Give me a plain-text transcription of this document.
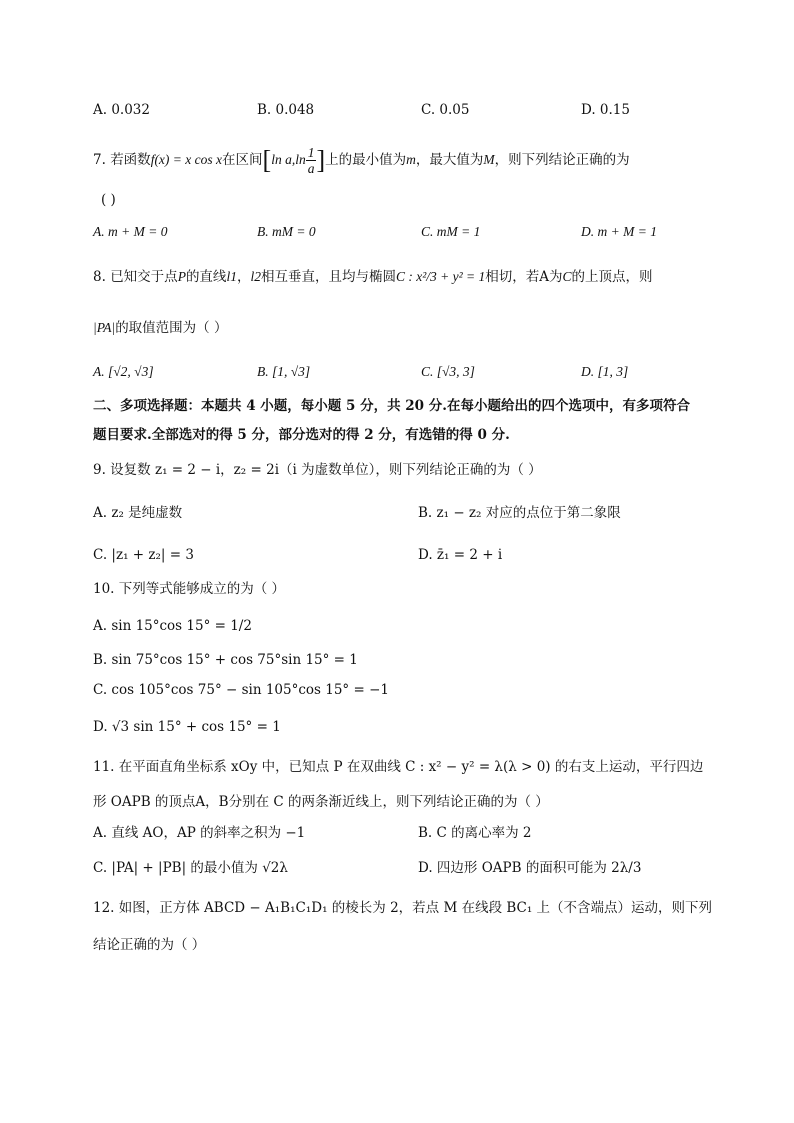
A. 0.032	B. 0.048	C. 0.05	D. 0.15
7. 若函数f(x) = x cos x在区间[ln $a,\ln \frac{1}{a}$ ]上的最小值为m，最大值为M，则下列结论正确的为
( )
A. m + M = 0	B. mM = 0	C. mM = 1	D. m + M = 1
8. 已知交于点P的直线l1，l2相互垂直，且均与椭圆C : x²/3 + y² = 1相切，若A为C的上顶点，则
|PA|的取值范围为（ ）
A. [√2, √3]	B. [1, √3]	C. [√3, 3]	D. [1, 3]
二、多项选择题：本题共 4 小题，每小题 5 分，共 20 分.在每小题给出的四个选项中，有多项符合
题目要求.全部选对的得 5 分，部分选对的得 2 分，有选错的得 0 分.
9. 设复数 z₁ = 2 − i，z₂ = 2i（i 为虚数单位），则下列结论正确的为（ ）
A. z₂ 是纯虚数	B. z₁ − z₂ 对应的点位于第二象限
C. |z₁ + z₂| = 3	D. z̄₁ = 2 + i
10. 下列等式能够成立的为（ ）
A. sin 15°cos 15° = 1/2
B. sin 75°cos 15° + cos 75°sin 15° = 1
C. cos 105°cos 75° − sin 105°cos 15° = −1
D. √3 sin 15° + cos 15° = 1
11. 在平面直角坐标系 xOy 中，已知点 P 在双曲线 C : x² − y² = λ(λ > 0) 的右支上运动，平行四边
形 OAPB 的顶点A，B分别在 C 的两条渐近线上，则下列结论正确的为（ ）
A. 直线 AO，AP 的斜率之积为 −1	B. C 的离心率为 2
C. |PA| + |PB| 的最小值为 √2λ	D. 四边形 OAPB 的面积可能为 2λ/3
12. 如图，正方体 ABCD − A₁B₁C₁D₁ 的棱长为 2，若点 M 在线段 BC₁ 上（不含端点）运动，则下列
结论正确的为（ ）
